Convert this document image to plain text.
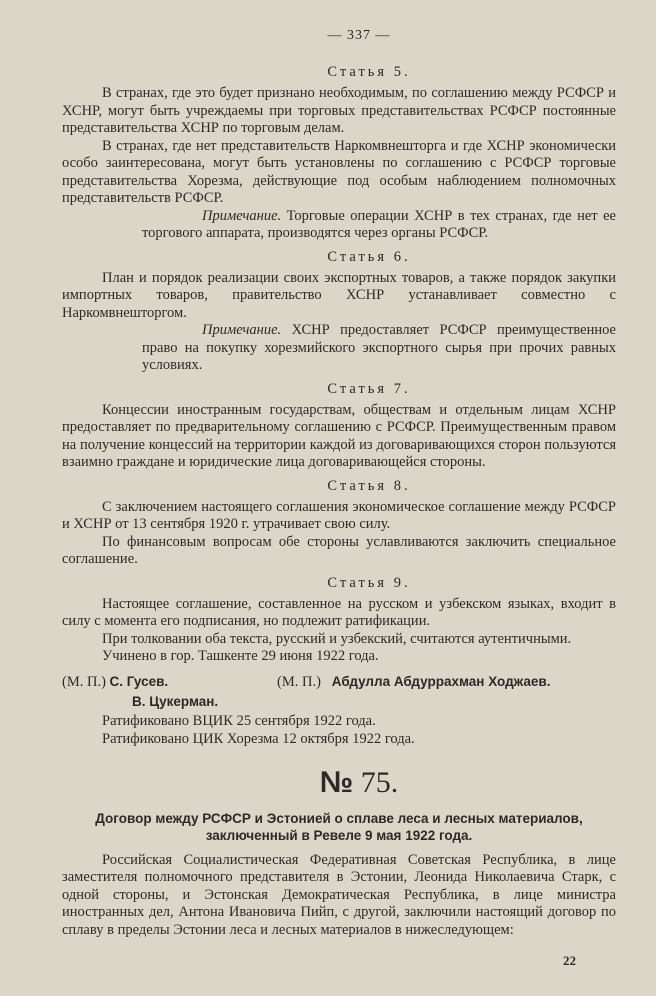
— 337 —
Статья 5.

В странах, где это будет признано необходимым, по соглашению между РСФСР и ХСНР, могут быть учреждаемы при торговых представительствах РСФСР постоянные представительства ХСНР по торговым делам.

В странах, где нет представительств Наркомвнешторга и где ХСНР экономически особо заинтересована, могут быть установлены по соглашению с РСФСР торговые представительства Хорезма, действующие под особым наблюдением полномочных представительств РСФСР.

Примечание. Торговые операции ХСНР в тех странах, где нет ее торгового аппарата, производятся через органы РСФСР.

Статья 6.

План и порядок реализации своих экспортных товаров, а также порядок закупки импортных товаров, правительство ХСНР устанавливает совместно с Наркомвнешторгом.

Примечание. ХСНР предоставляет РСФСР преимущественное право на покупку хорезмийского экспортного сырья при прочих равных условиях.

Статья 7.

Концессии иностранным государствам, обществам и отдельным лицам ХСНР предоставляет по предварительному соглашению с РСФСР. Преимущественным правом на получение концессий на территории каждой из договаривающихся сторон пользуются взаимно граждане и юридические лица договаривающейся стороны.

Статья 8.

С заключением настоящего соглашения экономическое соглашение между РСФСР и ХСНР от 13 сентября 1920 г. утрачивает свою силу.

По финансовым вопросам обе стороны уславливаются заключить специальное соглашение.

Статья 9.

Настоящее соглашение, составленное на русском и узбекском языках, входит в силу с момента его подписания, но подлежит ратификации.

При толковании оба текста, русский и узбекский, считаются аутентичными.

Учинено в гор. Ташкенте 29 июня 1922 года.

(М. П.) С. Гусев.	(М. П.) Абдулла Абдуррахман Ходжаев.
В. Цукерман.
Ратификовано ВЦИК 25 сентября 1922 года.
Ратификовано ЦИК Хорезма 12 октября 1922 года.
№ 75.
Договор между РСФСР и Эстонией о сплаве леса и лесных материалов,
заключенный в Ревеле 9 мая 1922 года.

Российская Социалистическая Федеративная Советская Республика, в лице заместителя полномочного представителя в Эстонии, Леонида Николаевича Старк, с одной стороны, и Эстонская Демократическая Республика, в лице министра иностранных дел, Антона Ивановича Пийп, с другой, заключили настоящий договор по сплаву в пределы Эстонии леса и лесных материалов в нижеследующем:

22
